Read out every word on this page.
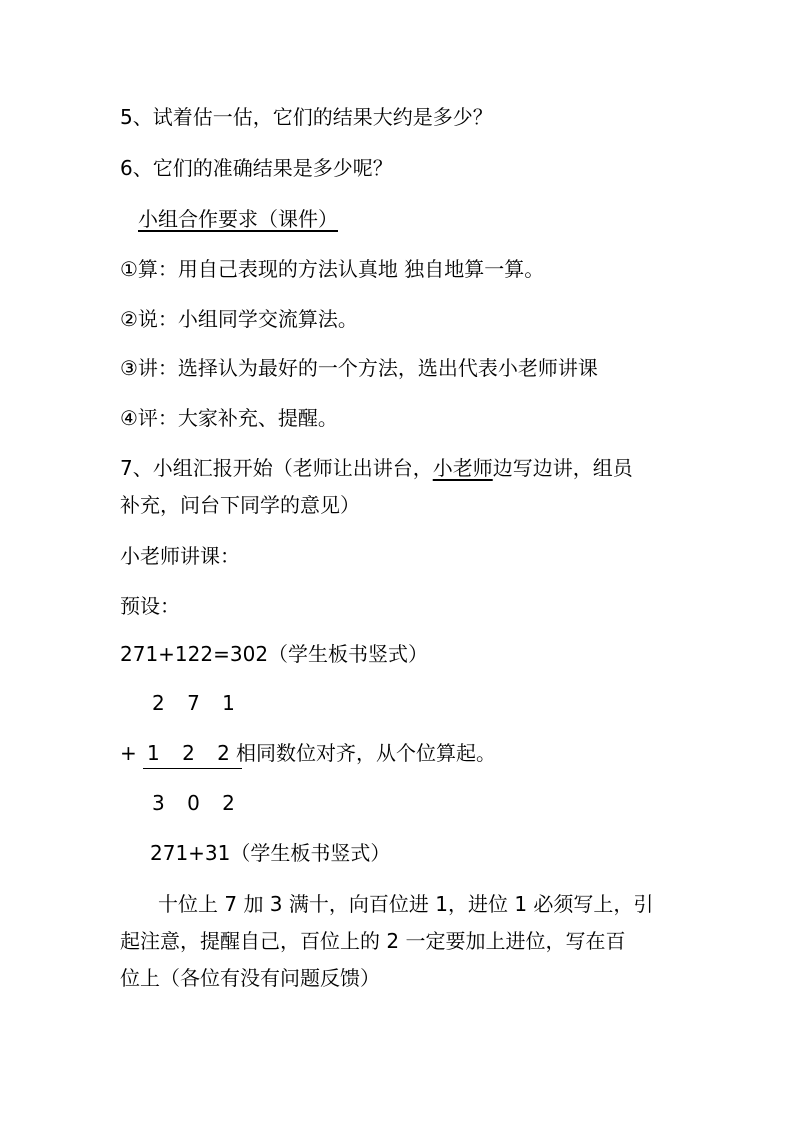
5、试着估一估，它们的结果大约是多少？
6、它们的准确结果是多少呢？
小组合作要求（课件）
①算：用自己表现的方法认真地 独自地算一算。
②说：小组同学交流算法。
③讲：选择认为最好的一个方法，选出代表小老师讲课
④评：大家补充、提醒。
7、小组汇报开始（老师让出讲台，小老师边写边讲，组员
补充，问台下同学的意见）
小老师讲课：
预设：
271+122=302（学生板书竖式）
2 7 1
+ 1 2 2
相同数位对齐，从个位算起。
3 0 2
271+31（学生板书竖式）
十位上 7 加 3 满十，向百位进 1，进位 1 必须写上，引
起注意，提醒自己，百位上的 2 一定要加上进位，写在百
位上（各位有没有问题反馈）
